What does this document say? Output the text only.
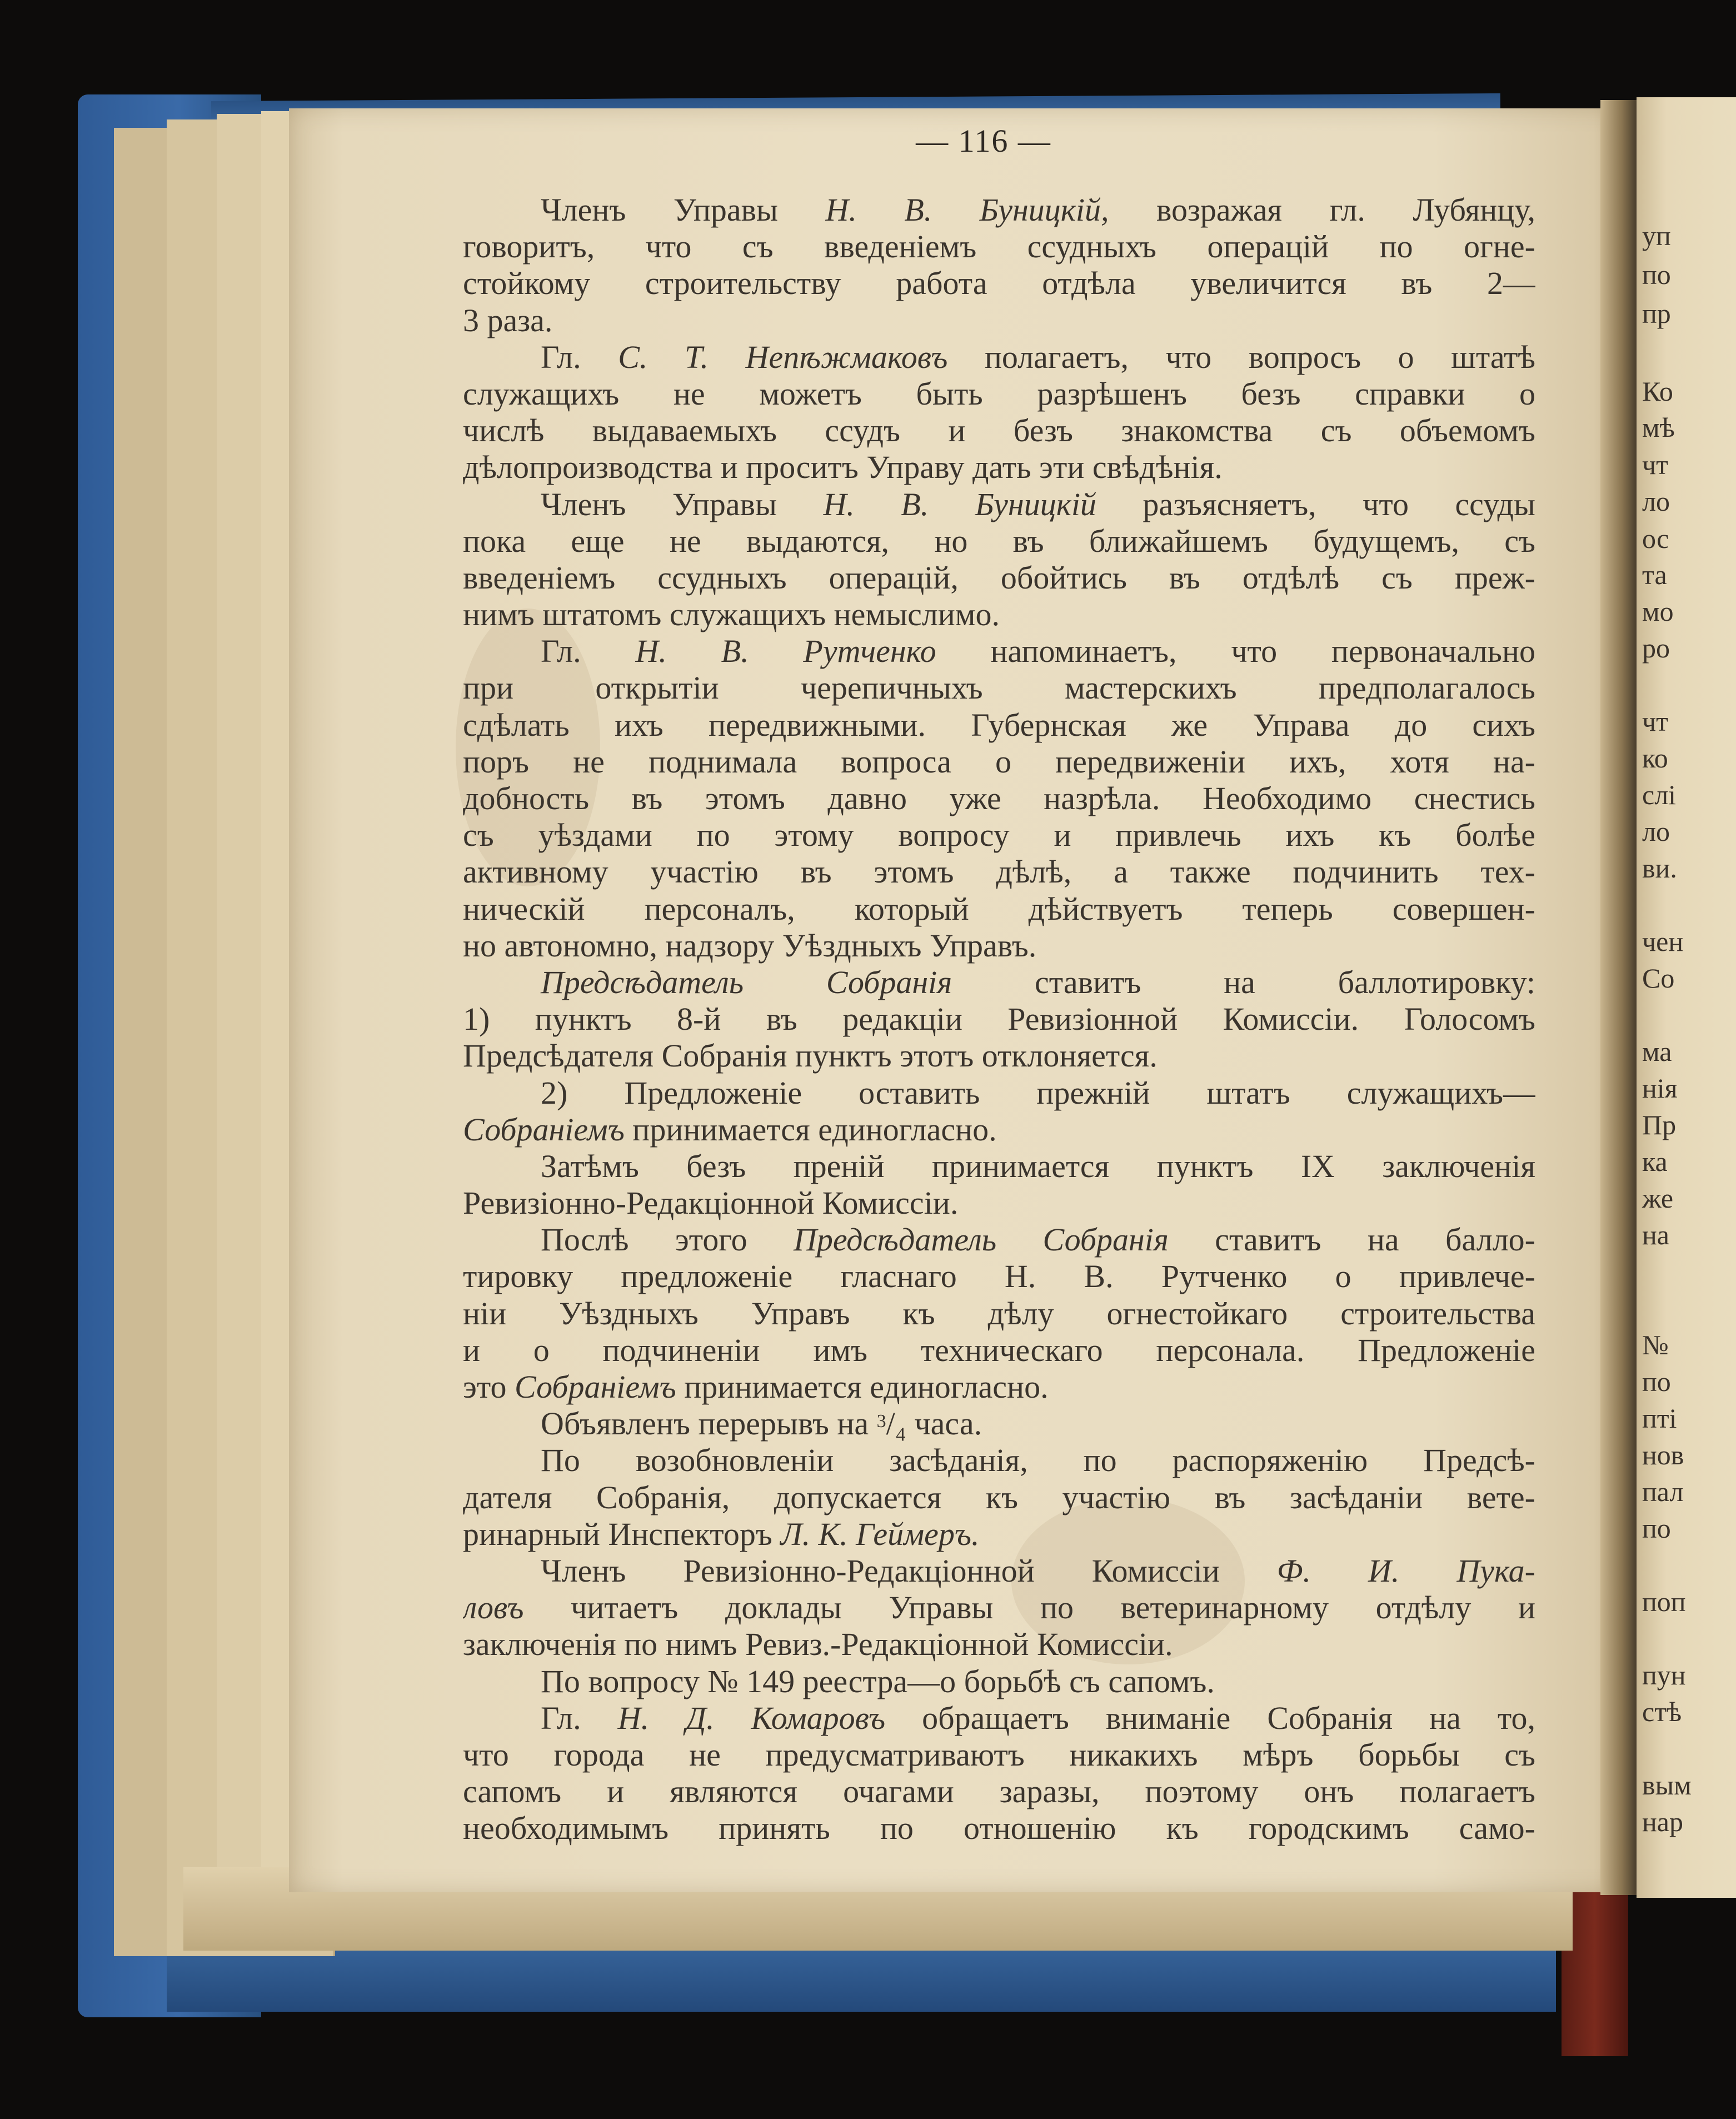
уп
по
пр
Ко
мѣ
чт
ло
ос
та
мо
ро
чт
ко
слі
ло
ви.
чен
Со
ма
нія
Пр
ка
же
на
№
по
пті
нов
пал
по
поп
пун
стѣ
вым
нар
— 116 —
Членъ Управы Н. В. Буницкій, возражая гл. Лубянцу,
говоритъ, что съ введеніемъ ссудныхъ операцій по огне-
стойкому строительству работа отдѣла увеличится въ 2—
3 раза.
Гл. С. Т. Непѣжмаковъ полагаетъ, что вопросъ о штатѣ
служащихъ не можетъ быть разрѣшенъ безъ справки о
числѣ выдаваемыхъ ссудъ и безъ знакомства съ объемомъ
дѣлопроизводства и проситъ Управу дать эти свѣдѣнія.
Членъ Управы Н. В. Буницкій разъясняетъ, что ссуды
пока еще не выдаются, но въ ближайшемъ будущемъ, съ
введеніемъ ссудныхъ операцій, обойтись въ отдѣлѣ съ преж-
нимъ штатомъ служащихъ немыслимо.
Гл. Н. В. Рутченко напоминаетъ, что первоначально
при открытіи черепичныхъ мастерскихъ предполагалось
сдѣлать ихъ передвижными. Губернская же Управа до сихъ
поръ не поднимала вопроса о передвиженіи ихъ, хотя на-
добность въ этомъ давно уже назрѣла. Необходимо снестись
съ уѣздами по этому вопросу и привлечь ихъ къ болѣе
активному участію въ этомъ дѣлѣ, а также подчинить тех-
ническій персоналъ, который дѣйствуетъ теперь совершен-
но автономно, надзору Уѣздныхъ Управъ.
Предсѣдатель Собранія ставитъ на баллотировку:
1) пунктъ 8-й въ редакціи Ревизіонной Комиссіи. Голосомъ
Предсѣдателя Собранія пунктъ этотъ отклоняется.
2) Предложеніе оставить прежній штатъ служащихъ—
Собраніемъ принимается единогласно.
Затѣмъ безъ преній принимается пунктъ IX заключенія
Ревизіонно-Редакціонной Комиссіи.
Послѣ этого Предсѣдатель Собранія ставитъ на балло-
тировку предложеніе гласнаго Н. В. Рутченко о привлече-
ніи Уѣздныхъ Управъ къ дѣлу огнестойкаго строительства
и о подчиненіи имъ техническаго персонала. Предложеніе
это Собраніемъ принимается единогласно.
Объявленъ перерывъ на $^3$/₄ часа.
По возобновленіи засѣданія, по распоряженію Предсѣ-
дателя Собранія, допускается къ участію въ засѣданіи вете-
ринарный Инспекторъ Л. К. Геймеръ.
Членъ Ревизіонно-Редакціонной Комиссіи Ф. И. Пука-
ловъ читаетъ доклады Управы по ветеринарному отдѣлу и
заключенія по нимъ Ревиз.-Редакціонной Комиссіи.
По вопросу № 149 реестра—о борьбѣ съ сапомъ.
Гл. Н. Д. Комаровъ обращаетъ вниманіе Собранія на то,
что города не предусматриваютъ никакихъ мѣръ борьбы съ
сапомъ и являются очагами заразы, поэтому онъ полагаетъ
необходимымъ принять по отношенію къ городскимъ само-
